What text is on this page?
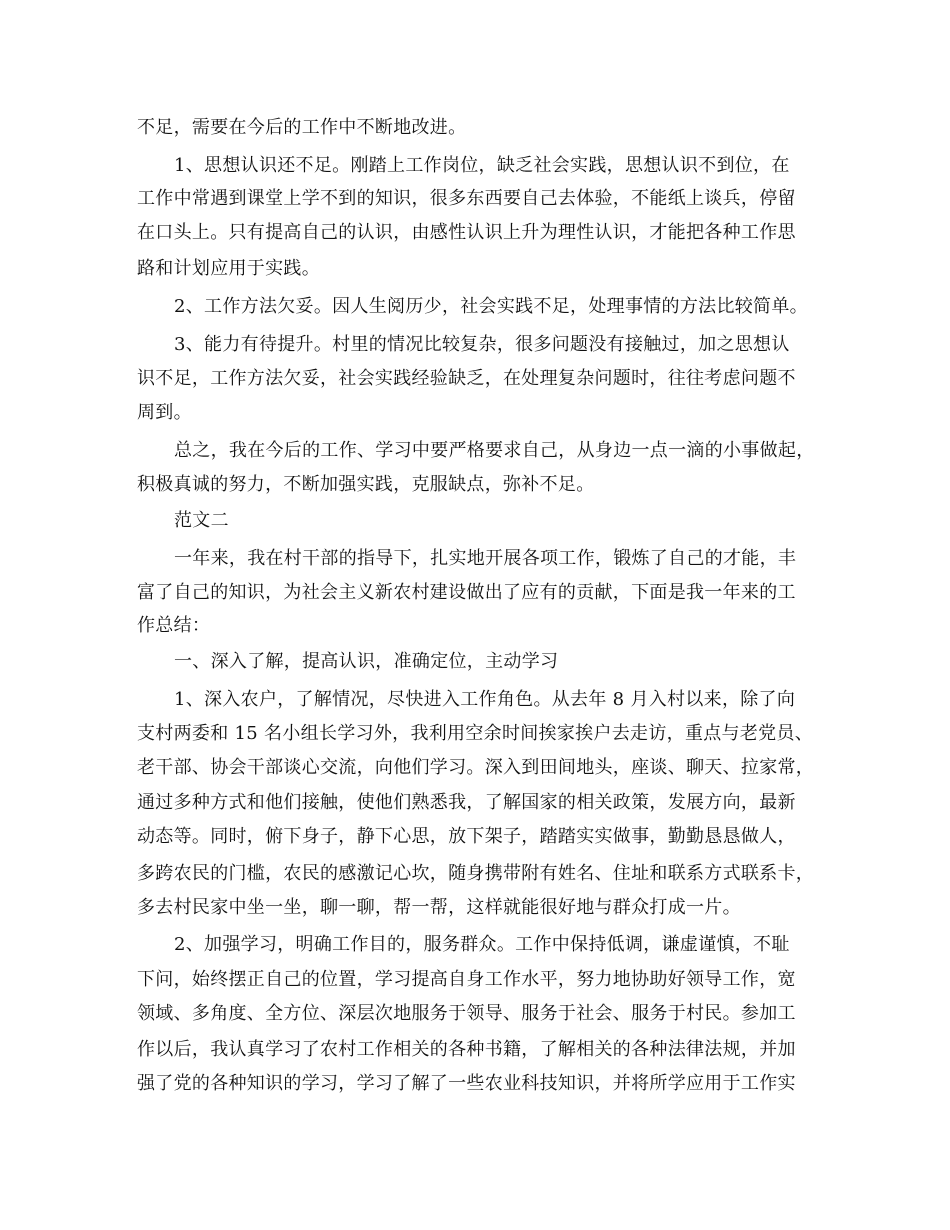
不足，需要在今后的工作中不断地改进。
1、思想认识还不足。刚踏上工作岗位，缺乏社会实践，思想认识不到位，在
工作中常遇到课堂上学不到的知识，很多东西要自己去体验，不能纸上谈兵，停留
在口头上。只有提高自己的认识，由感性认识上升为理性认识，才能把各种工作思
路和计划应用于实践。
2、工作方法欠妥。因人生阅历少，社会实践不足，处理事情的方法比较简单。
3、能力有待提升。村里的情况比较复杂，很多问题没有接触过，加之思想认
识不足，工作方法欠妥，社会实践经验缺乏，在处理复杂问题时，往往考虑问题不
周到。
总之，我在今后的工作、学习中要严格要求自己，从身边一点一滴的小事做起，
积极真诚的努力，不断加强实践，克服缺点，弥补不足。
范文二
一年来，我在村干部的指导下，扎实地开展各项工作，锻炼了自己的才能，丰
富了自己的知识，为社会主义新农村建设做出了应有的贡献，下面是我一年来的工
作总结：
一、深入了解，提高认识，准确定位，主动学习
1、深入农户，了解情况，尽快进入工作角色。从去年 8 月入村以来，除了向
支村两委和 15 名小组长学习外，我利用空余时间挨家挨户去走访，重点与老党员、
老干部、协会干部谈心交流，向他们学习。深入到田间地头，座谈、聊天、拉家常，
通过多种方式和他们接触，使他们熟悉我，了解国家的相关政策，发展方向，最新
动态等。同时，俯下身子，静下心思，放下架子，踏踏实实做事，勤勤恳恳做人，
多跨农民的门槛，农民的感激记心坎，随身携带附有姓名、住址和联系方式联系卡，
多去村民家中坐一坐，聊一聊，帮一帮，这样就能很好地与群众打成一片。
2、加强学习，明确工作目的，服务群众。工作中保持低调，谦虚谨慎，不耻
下问，始终摆正自己的位置，学习提高自身工作水平，努力地协助好领导工作，宽
领域、多角度、全方位、深层次地服务于领导、服务于社会、服务于村民。参加工
作以后，我认真学习了农村工作相关的各种书籍，了解相关的各种法律法规，并加
强了党的各种知识的学习，学习了解了一些农业科技知识，并将所学应用于工作实
